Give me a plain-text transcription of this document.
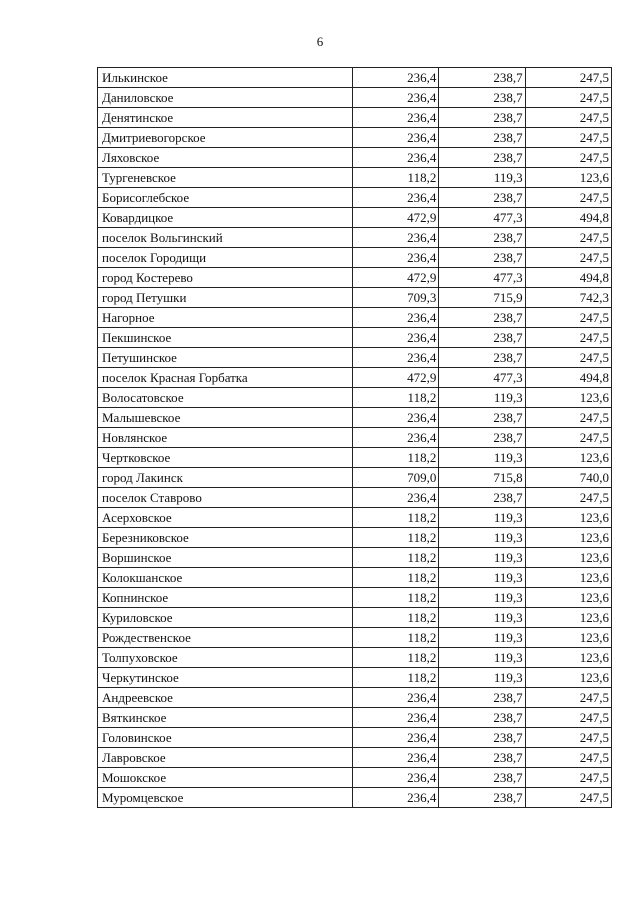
6
Илькинское	236,4	238,7	247,5
Даниловское	236,4	238,7	247,5
Денятинское	236,4	238,7	247,5
Дмитриевогорское	236,4	238,7	247,5
Ляховское	236,4	238,7	247,5
Тургеневское	118,2	119,3	123,6
Борисоглебское	236,4	238,7	247,5
Ковардицкое	472,9	477,3	494,8
поселок Вольгинский	236,4	238,7	247,5
поселок Городищи	236,4	238,7	247,5
город Костерево	472,9	477,3	494,8
город Петушки	709,3	715,9	742,3
Нагорное	236,4	238,7	247,5
Пекшинское	236,4	238,7	247,5
Петушинское	236,4	238,7	247,5
поселок Красная Горбатка	472,9	477,3	494,8
Волосатовское	118,2	119,3	123,6
Малышевское	236,4	238,7	247,5
Новлянское	236,4	238,7	247,5
Чертковское	118,2	119,3	123,6
город Лакинск	709,0	715,8	740,0
поселок Ставрово	236,4	238,7	247,5
Асерховское	118,2	119,3	123,6
Березниковское	118,2	119,3	123,6
Воршинское	118,2	119,3	123,6
Колокшанское	118,2	119,3	123,6
Копнинское	118,2	119,3	123,6
Куриловское	118,2	119,3	123,6
Рождественское	118,2	119,3	123,6
Толпуховское	118,2	119,3	123,6
Черкутинское	118,2	119,3	123,6
Андреевское	236,4	238,7	247,5
Вяткинское	236,4	238,7	247,5
Головинское	236,4	238,7	247,5
Лавровское	236,4	238,7	247,5
Мошокское	236,4	238,7	247,5
Муромцевское	236,4	238,7	247,5
